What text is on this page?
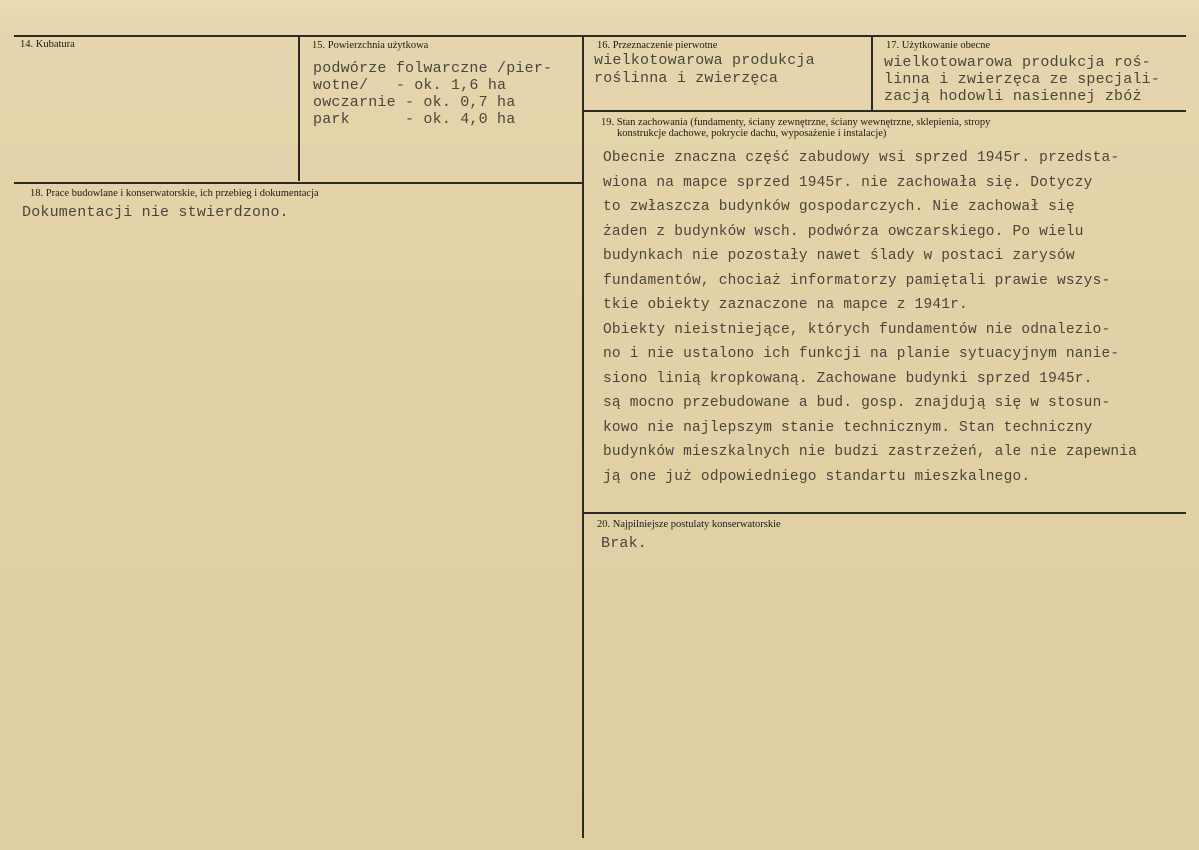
14. Kubatura	15. Powierzchnia użytkowa
podwórze folwarczne /pier-
wotne/   - ok. 1,6 ha
owczarnie - ok. 0,7 ha
park      - ok. 4,0 ha
16. Przeznaczenie pierwotne
wielkotowarowa produkcja
roślinna i zwierzęca
17. Użytkowanie obecne
wielkotowarowa produkcja roś-
linna i zwierzęca ze specjali-
zacją hodowli nasiennej zbóż
18. Prace budowlane i konserwatorskie, ich przebieg i dokumentacja
Dokumentacji nie stwierdzono.
19. Stan zachowania (fundamenty, ściany zewnętrzne, ściany wewnętrzne, sklepienia, stropy
konstrukcje dachowe, pokrycie dachu, wyposażenie i instalacje)
Obecnie znaczna część zabudowy wsi sprzed 1945r. przedsta-
wiona na mapce sprzed 1945r. nie zachowała się. Dotyczy
to zwłaszcza budynków gospodarczych. Nie zachował się
żaden z budynków wsch. podwórza owczarskiego. Po wielu
budynkach nie pozostały nawet ślady w postaci zarysów
fundamentów, chociaż informatorzy pamiętali prawie wszys-
tkie obiekty zaznaczone na mapce z 1941r.
Obiekty nieistniejące, których fundamentów nie odnalezio-
no i nie ustalono ich funkcji na planie sytuacyjnym nanie-
siono linią kropkowaną. Zachowane budynki sprzed 1945r.
są mocno przebudowane a bud. gosp. znajdują się w stosun-
kowo nie najlepszym stanie technicznym. Stan techniczny
budynków mieszkalnych nie budzi zastrzeżeń, ale nie zapewnia
ją one już odpowiedniego standartu mieszkalnego.
20. Najpilniejsze postulaty konserwatorskie
Brak.
